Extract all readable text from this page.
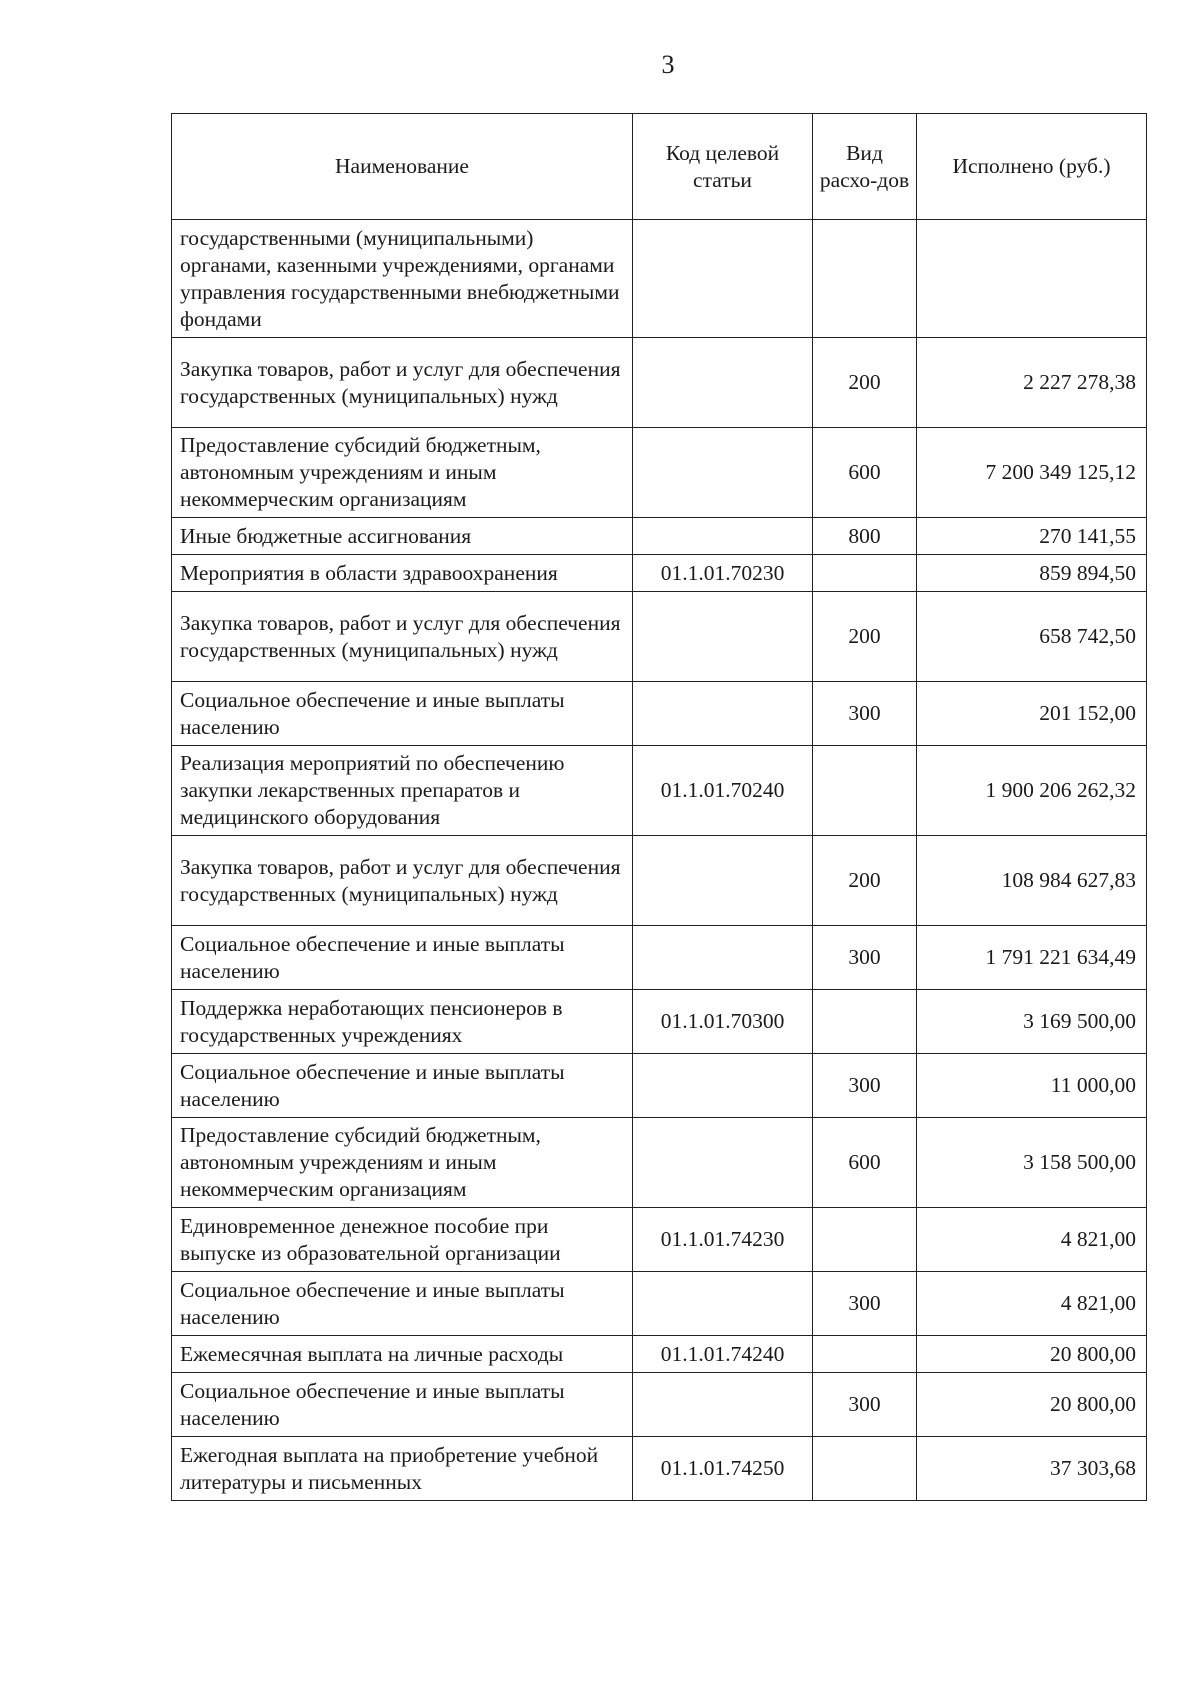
3
Наименование	Код целевой статьи	Вид расхо-дов	Исполнено (руб.)
государственными (муниципальными) органами, казенными учреждениями, органами управления государственными внебюджетными фондами			
Закупка товаров, работ и услуг для обеспечения государственных (муниципальных) нужд		200	2 227 278,38
Предоставление субсидий бюджетным, автономным учреждениям и иным некоммерческим организациям		600	7 200 349 125,12
Иные бюджетные ассигнования		800	270 141,55
Мероприятия в области здравоохранения	01.1.01.70230		859 894,50
Закупка товаров, работ и услуг для обеспечения государственных (муниципальных) нужд		200	658 742,50
Социальное обеспечение и иные выплаты населению		300	201 152,00
Реализация мероприятий по обеспечению закупки лекарственных препаратов и медицинского оборудования	01.1.01.70240		1 900 206 262,32
Закупка товаров, работ и услуг для обеспечения государственных (муниципальных) нужд		200	108 984 627,83
Социальное обеспечение и иные выплаты населению		300	1 791 221 634,49
Поддержка неработающих пенсионеров в государственных учреждениях	01.1.01.70300		3 169 500,00
Социальное обеспечение и иные выплаты населению		300	11 000,00
Предоставление субсидий бюджетным, автономным учреждениям и иным некоммерческим организациям		600	3 158 500,00
Единовременное денежное пособие при выпуске из образовательной организации	01.1.01.74230		4 821,00
Социальное обеспечение и иные выплаты населению		300	4 821,00
Ежемесячная выплата на личные расходы	01.1.01.74240		20 800,00
Социальное обеспечение и иные выплаты населению		300	20 800,00
Ежегодная выплата на приобретение учебной литературы и письменных	01.1.01.74250		37 303,68
